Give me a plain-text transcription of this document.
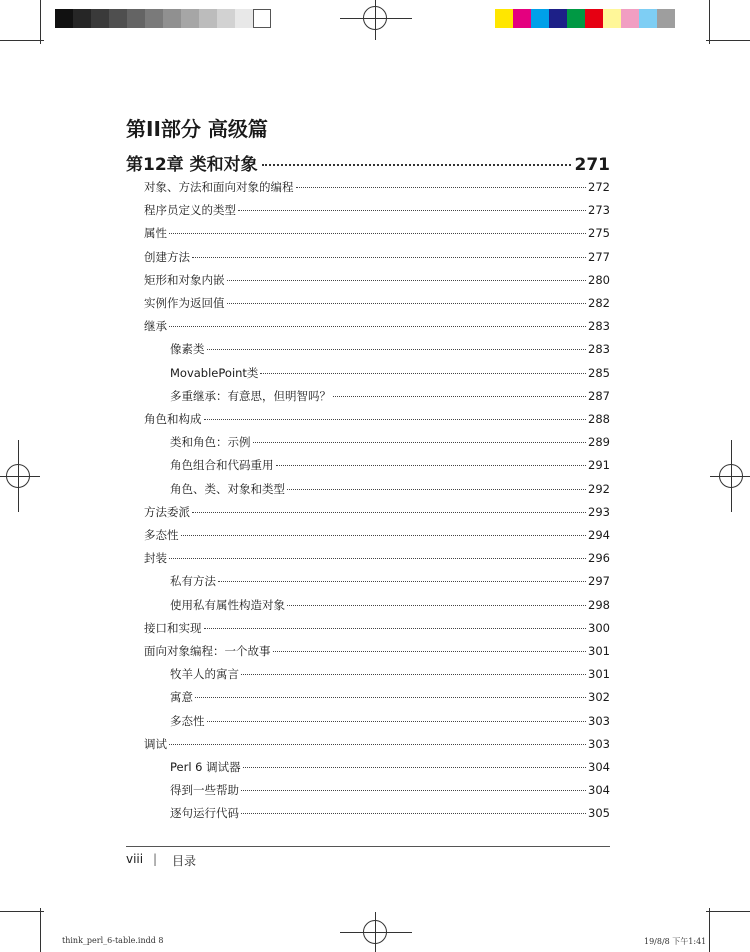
第II部分 高级篇
第12章 类和对象	271
对象、方法和面向对象的编程	272
程序员定义的类型	273
属性	275
创建方法	277
矩形和对象内嵌	280
实例作为返回值	282
继承	283
像素类	283
MovablePoint类	285
多重继承：有意思，但明智吗？	287
角色和构成	288
类和角色：示例	289
角色组合和代码重用	291
角色、类、对象和类型	292
方法委派	293
多态性	294
封装	296
私有方法	297
使用私有属性构造对象	298
接口和实现	300
面向对象编程：一个故事	301
牧羊人的寓言	301
寓意	302
多态性	303
调试	303
Perl 6 调试器	304
得到一些帮助	304
逐句运行代码	305
viii | 目录
think_perl_6-table.indd 8	19/8/8 下午1:41
